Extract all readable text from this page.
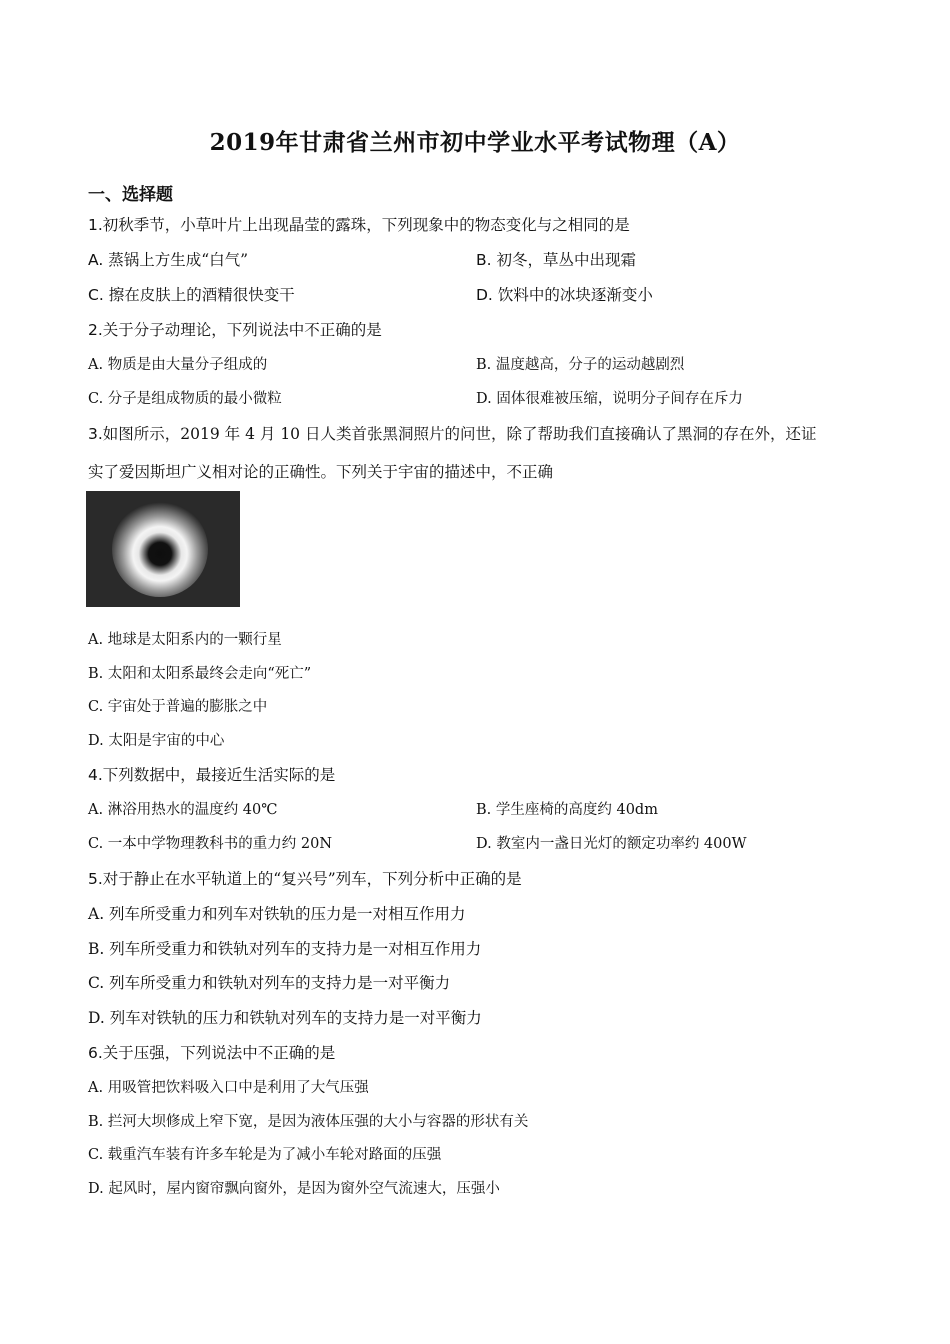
2019年甘肃省兰州市初中学业水平考试物理（A）
一、选择题
1.初秋季节，小草叶片上出现晶莹的露珠，下列现象中的物态变化与之相同的是
A. 蒸锅上方生成“白气”	B. 初冬，草丛中出现霜
C. 擦在皮肤上的酒精很快变干	D. 饮料中的冰块逐渐变小
2.关于分子动理论，下列说法中不正确的是
A. 物质是由大量分子组成的	B. 温度越高，分子的运动越剧烈
C. 分子是组成物质的最小微粒	D. 固体很难被压缩，说明分子间存在斥力
3.如图所示，2019 年 4 月 10 日人类首张黑洞照片的问世，除了帮助我们直接确认了黑洞的存在外，还证
实了爱因斯坦广义相对论的正确性。下列关于宇宙的描述中，不正确
A. 地球是太阳系内的一颗行星
B. 太阳和太阳系最终会走向“死亡”
C. 宇宙处于普遍的膨胀之中
D. 太阳是宇宙的中心
4.下列数据中，最接近生活实际的是
A. 淋浴用热水的温度约 40℃	B. 学生座椅的高度约 40dm
C. 一本中学物理教科书的重力约 20N	D. 教室内一盏日光灯的额定功率约 400W
5.对于静止在水平轨道上的“复兴号”列车，下列分析中正确的是
A. 列车所受重力和列车对铁轨的压力是一对相互作用力
B. 列车所受重力和铁轨对列车的支持力是一对相互作用力
C. 列车所受重力和铁轨对列车的支持力是一对平衡力
D. 列车对铁轨的压力和铁轨对列车的支持力是一对平衡力
6.关于压强，下列说法中不正确的是
A. 用吸管把饮料吸入口中是利用了大气压强
B. 拦河大坝修成上窄下宽，是因为液体压强的大小与容器的形状有关
C. 载重汽车装有许多车轮是为了减小车轮对路面的压强
D. 起风时，屋内窗帘飘向窗外，是因为窗外空气流速大，压强小
